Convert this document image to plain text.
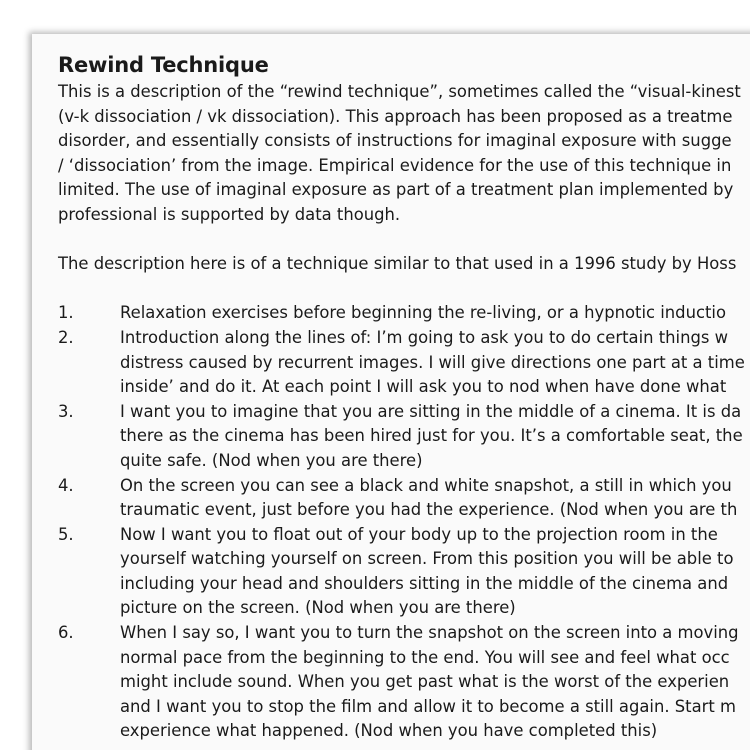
Rewind Technique

This is a description of the “rewind technique”, sometimes called the “visual-kinest
(v-k dissociation / vk dissociation). This approach has been proposed as a treatme
disorder, and essentially consists of instructions for imaginal exposure with sugge
/ ‘dissociation’ from the image. Empirical evidence for the use of this technique in
limited. The use of imaginal exposure as part of a treatment plan implemented by
professional is supported by data though.

The description here is of a technique similar to that used in a 1996 study by Hoss

1.	Relaxation exercises before beginning the re-living, or a hypnotic inductio
2.	Introduction along the lines of: I’m going to ask you to do certain things w
distress caused by recurrent images. I will give directions one part at a time
inside’ and do it. At each point I will ask you to nod when have done what
3.	I want you to imagine that you are sitting in the middle of a cinema. It is da
there as the cinema has been hired just for you. It’s a comfortable seat, the
quite safe. (Nod when you are there)
4.	On the screen you can see a black and white snapshot, a still in which you
traumatic event, just before you had the experience. (Nod when you are th
5.	Now I want you to float out of your body up to the projection room in the
yourself watching yourself on screen. From this position you will be able to
including your head and shoulders sitting in the middle of the cinema and
picture on the screen. (Nod when you are there)
6.	When I say so, I want you to turn the snapshot on the screen into a moving
normal pace from the beginning to the end. You will see and feel what occ
might include sound. When you get past what is the worst of the experien
and I want you to stop the film and allow it to become a still again. Start m
experience what happened. (Nod when you have completed this)
